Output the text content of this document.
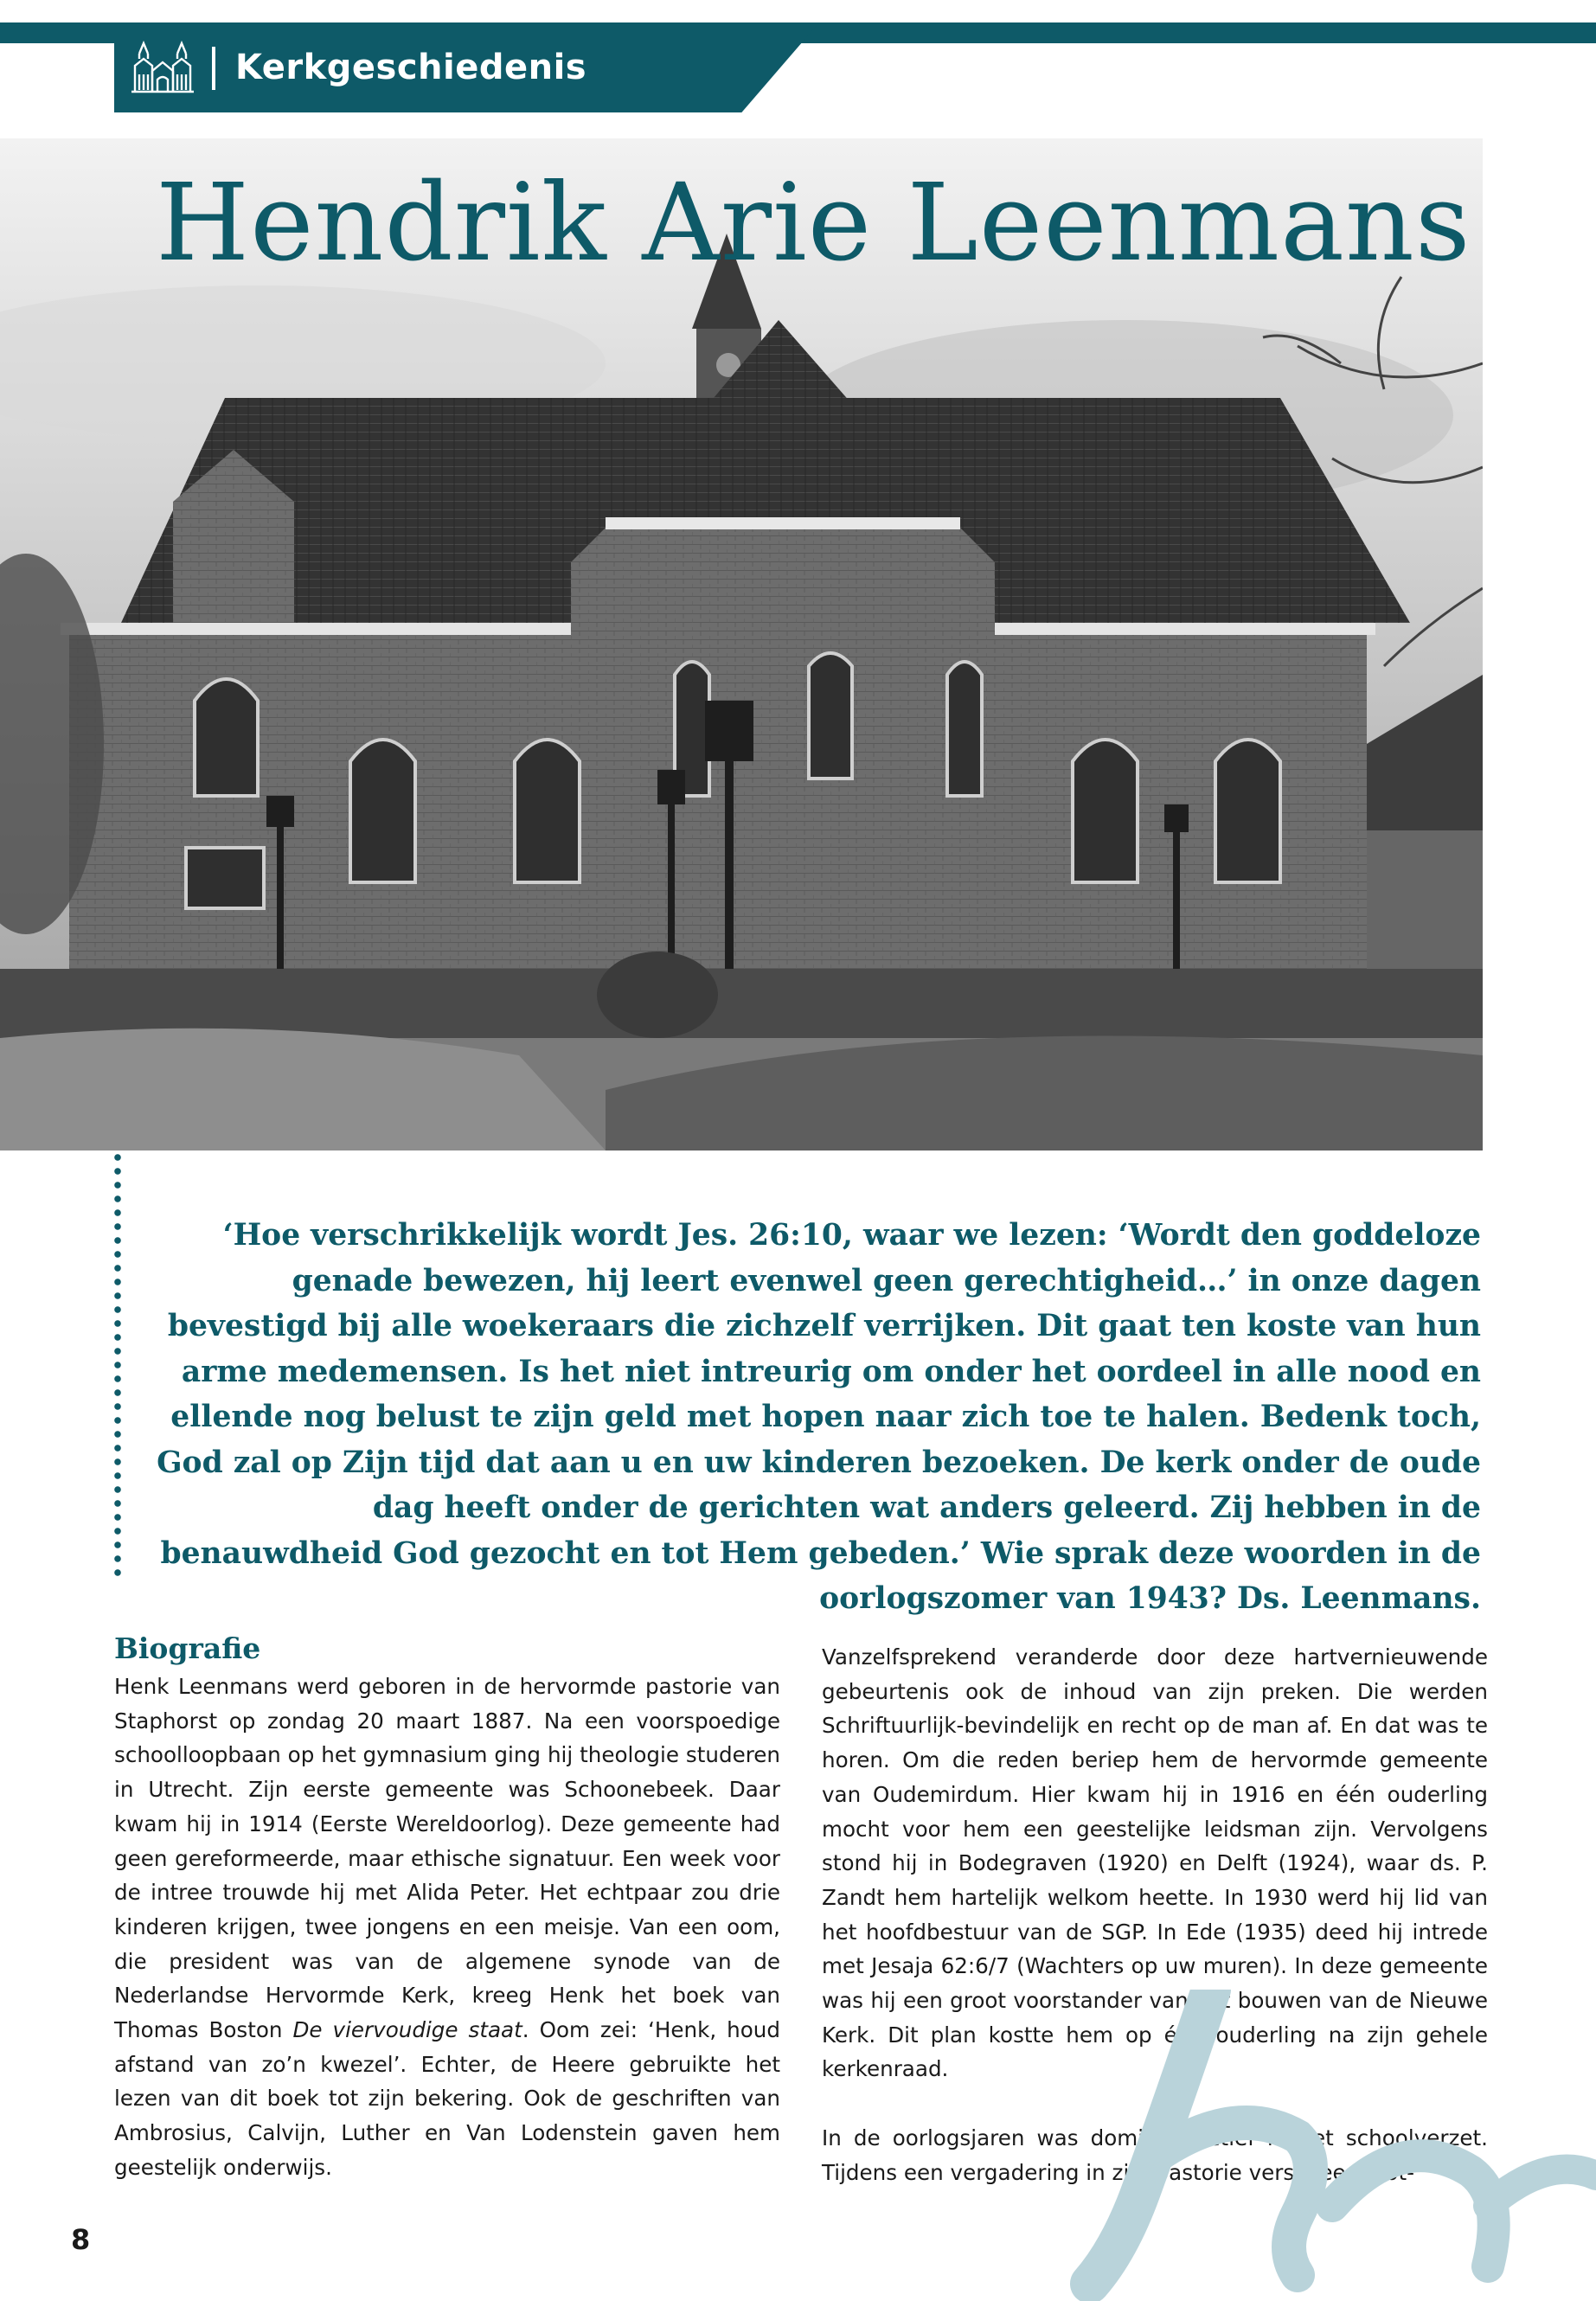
Kerkgeschiedenis
Hendrik Arie Leenmans
‘Hoe verschrikkelijk wordt Jes. 26:10, waar we lezen: ‘Wordt den goddeloze genade bewezen, hij leert evenwel geen gerechtigheid…’ in onze dagen bevestigd bij alle woekeraars die zichzelf verrijken. Dit gaat ten koste van hun arme medemensen. Is het niet intreurig om onder het oordeel in alle nood en ellende nog belust te zijn geld met hopen naar zich toe te halen. Bedenk toch, God zal op Zijn tijd dat aan u en uw kinderen bezoeken. De kerk onder de oude dag heeft onder de gerichten wat anders geleerd. Zij hebben in de benauwdheid God gezocht en tot Hem gebeden.’ Wie sprak deze woorden in de oorlogszomer van 1943? Ds. Leenmans.
Biografie

Henk Leenmans werd geboren in de hervormde pastorie van Staphorst op zondag 20 maart 1887. Na een voorspoedige schoolloopbaan op het gymnasium ging hij theologie studeren in Utrecht. Zijn eerste gemeente was Schoonebeek. Daar kwam hij in 1914 (Eerste Wereldoorlog). Deze gemeente had geen gereformeerde, maar ethische signatuur. Een week voor de intree trouwde hij met Alida Peter. Het echtpaar zou drie kinderen krijgen, twee jongens en een meisje. Van een oom, die president was van de algemene synode van de Nederlandse Hervormde Kerk, kreeg Henk het boek van Thomas Boston De viervoudige staat. Oom zei: ‘Henk, houd afstand van zo’n kwezel’. Echter, de Heere gebruikte het lezen van dit boek tot zijn bekering. Ook de geschriften van Ambrosius, Calvijn, Luther en Van Lodenstein gaven hem geestelijk onderwijs.

Vanzelfsprekend veranderde door deze hartvernieuwende gebeurtenis ook de inhoud van zijn preken. Die werden Schriftuurlijk-bevindelijk en recht op de man af. En dat was te horen. Om die reden beriep hem de hervormde gemeente van Oudemirdum. Hier kwam hij in 1916 en één ouderling mocht voor hem een geestelijke leidsman zijn. Vervolgens stond hij in Bodegraven (1920) en Delft (1924), waar ds. P. Zandt hem hartelijk welkom heette. In 1930 werd hij lid van het hoofdbestuur van de SGP. In Ede (1935) deed hij intrede met Jesaja 62:6/7 (Wachters op uw muren). In deze gemeente was hij een groot voorstander van het bouwen van de Nieuwe Kerk. Dit plan kostte hem op één ouderling na zijn gehele kerkenraad.

In de oorlogsjaren was dominee actief in het schoolverzet. Tijdens een vergadering in zijn pastorie verscheen plot-

8
